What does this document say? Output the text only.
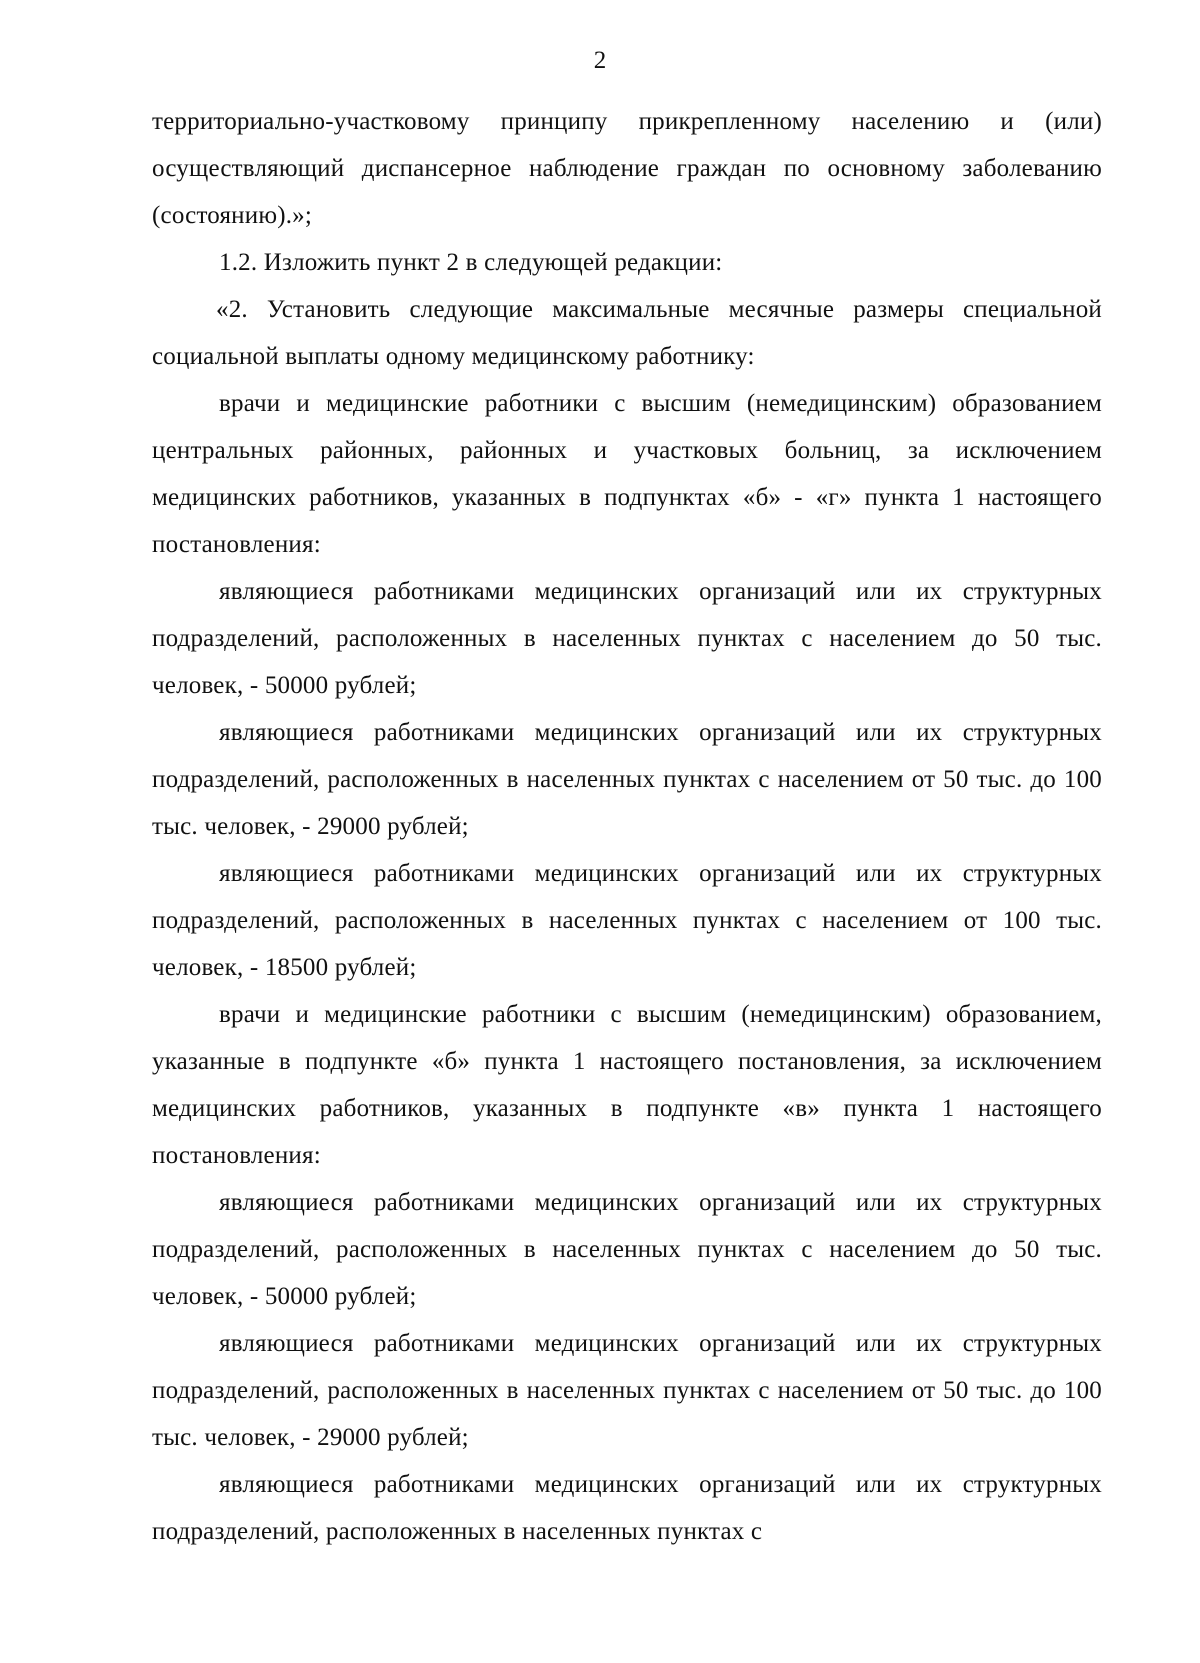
2

территориально-участковому принципу прикрепленному населению и (или) осуществляющий диспансерное наблюдение граждан по основному заболеванию (состоянию).»;

1.2. Изложить пункт 2 в следующей редакции:

«2. Установить следующие максимальные месячные размеры специальной социальной выплаты одному медицинскому работнику:

врачи и медицинские работники с высшим (немедицинским) образованием центральных районных, районных и участковых больниц, за исключением медицинских работников, указанных в подпунктах «б» - «г» пункта 1 настоящего постановления:

являющиеся работниками медицинских организаций или их структурных подразделений, расположенных в населенных пунктах с населением до 50 тыс. человек, - 50000 рублей;

являющиеся работниками медицинских организаций или их структурных подразделений, расположенных в населенных пунктах с населением от 50 тыс. до 100 тыс. человек, - 29000 рублей;

являющиеся работниками медицинских организаций или их структурных подразделений, расположенных в населенных пунктах с населением от 100 тыс. человек, - 18500 рублей;

врачи и медицинские работники с высшим (немедицинским) образованием, указанные в подпункте «б» пункта 1 настоящего постановления, за исключением медицинских работников, указанных в подпункте «в» пункта 1 настоящего постановления:

являющиеся работниками медицинских организаций или их структурных подразделений, расположенных в населенных пунктах с населением до 50 тыс. человек, - 50000 рублей;

являющиеся работниками медицинских организаций или их структурных подразделений, расположенных в населенных пунктах с населением от 50 тыс. до 100 тыс. человек, - 29000 рублей;

являющиеся работниками медицинских организаций или их структурных подразделений, расположенных в населенных пунктах с
